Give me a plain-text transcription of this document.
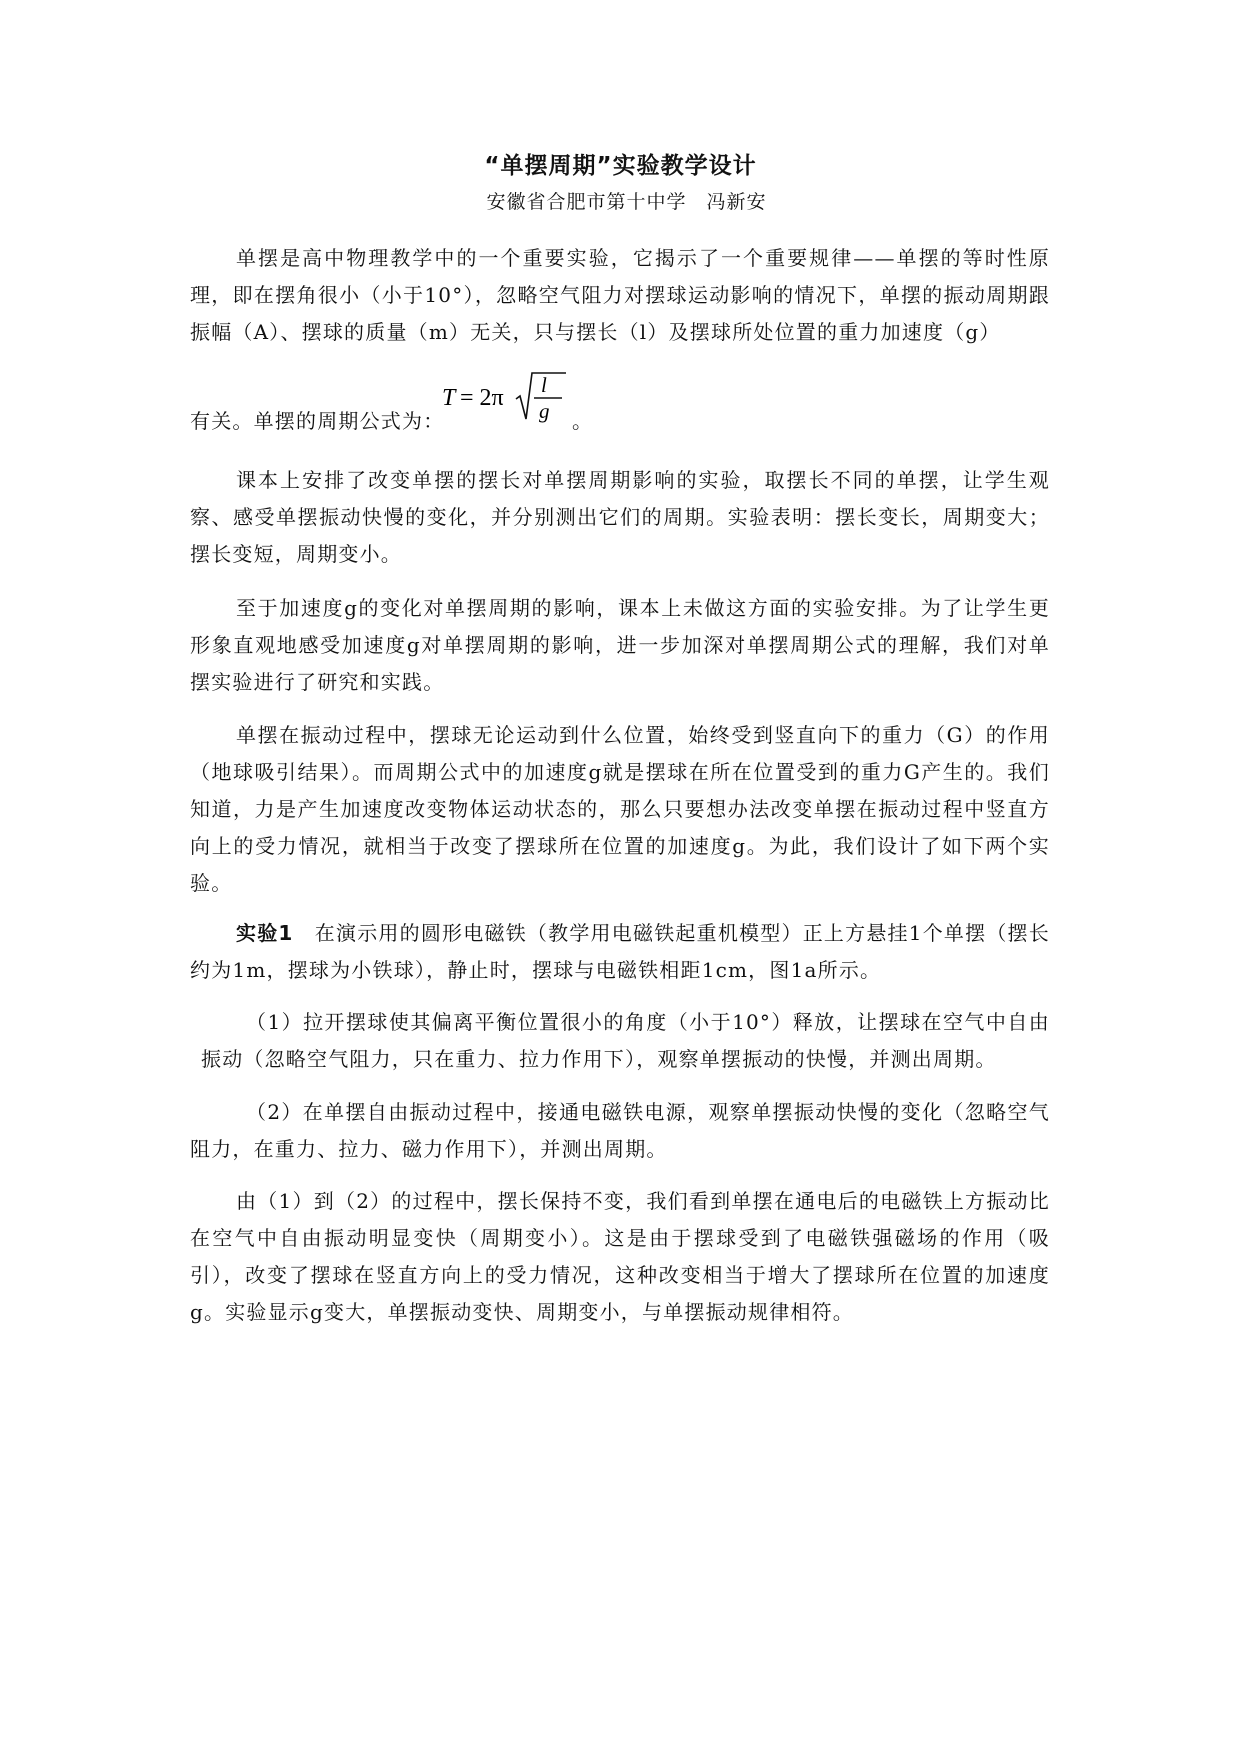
“单摆周期”实验教学设计
安徽省合肥市第十中学　冯新安

单摆是高中物理教学中的一个重要实验，它揭示了一个重要规律——单摆的等时性原理，即在摆角很小（小于10°），忽略空气阻力对摆球运动影响的情况下，单摆的振动周期跟振幅（A）、摆球的质量（m）无关，只与摆长（l）及摆球所处位置的重力加速度（g）

有关。单摆的周期公式为：
T = 2π l
g 。

课本上安排了改变单摆的摆长对单摆周期影响的实验，取摆长不同的单摆，让学生观察、感受单摆振动快慢的变化，并分别测出它们的周期。实验表明：摆长变长，周期变大；摆长变短，周期变小。

至于加速度g的变化对单摆周期的影响，课本上未做这方面的实验安排。为了让学生更形象直观地感受加速度g对单摆周期的影响，进一步加深对单摆周期公式的理解，我们对单摆实验进行了研究和实践。

单摆在振动过程中，摆球无论运动到什么位置，始终受到竖直向下的重力（G）的作用（地球吸引结果）。而周期公式中的加速度g就是摆球在所在位置受到的重力G产生的。我们知道，力是产生加速度改变物体运动状态的，那么只要想办法改变单摆在振动过程中竖直方向上的受力情况，就相当于改变了摆球所在位置的加速度g。为此，我们设计了如下两个实验。

实验1　在演示用的圆形电磁铁（教学用电磁铁起重机模型）正上方悬挂1个单摆（摆长约为1m，摆球为小铁球），静止时，摆球与电磁铁相距1cm，图1a所示。

（1）拉开摆球使其偏离平衡位置很小的角度（小于10°）释放，让摆球在空气中自由振动（忽略空气阻力，只在重力、拉力作用下），观察单摆振动的快慢，并测出周期。

（2）在单摆自由振动过程中，接通电磁铁电源，观察单摆振动快慢的变化（忽略空气阻力，在重力、拉力、磁力作用下），并测出周期。

由（1）到（2）的过程中，摆长保持不变，我们看到单摆在通电后的电磁铁上方振动比在空气中自由振动明显变快（周期变小）。这是由于摆球受到了电磁铁强磁场的作用（吸引），改变了摆球在竖直方向上的受力情况，这种改变相当于增大了摆球所在位置的加速度g。实验显示g变大，单摆振动变快、周期变小，与单摆振动规律相符。
